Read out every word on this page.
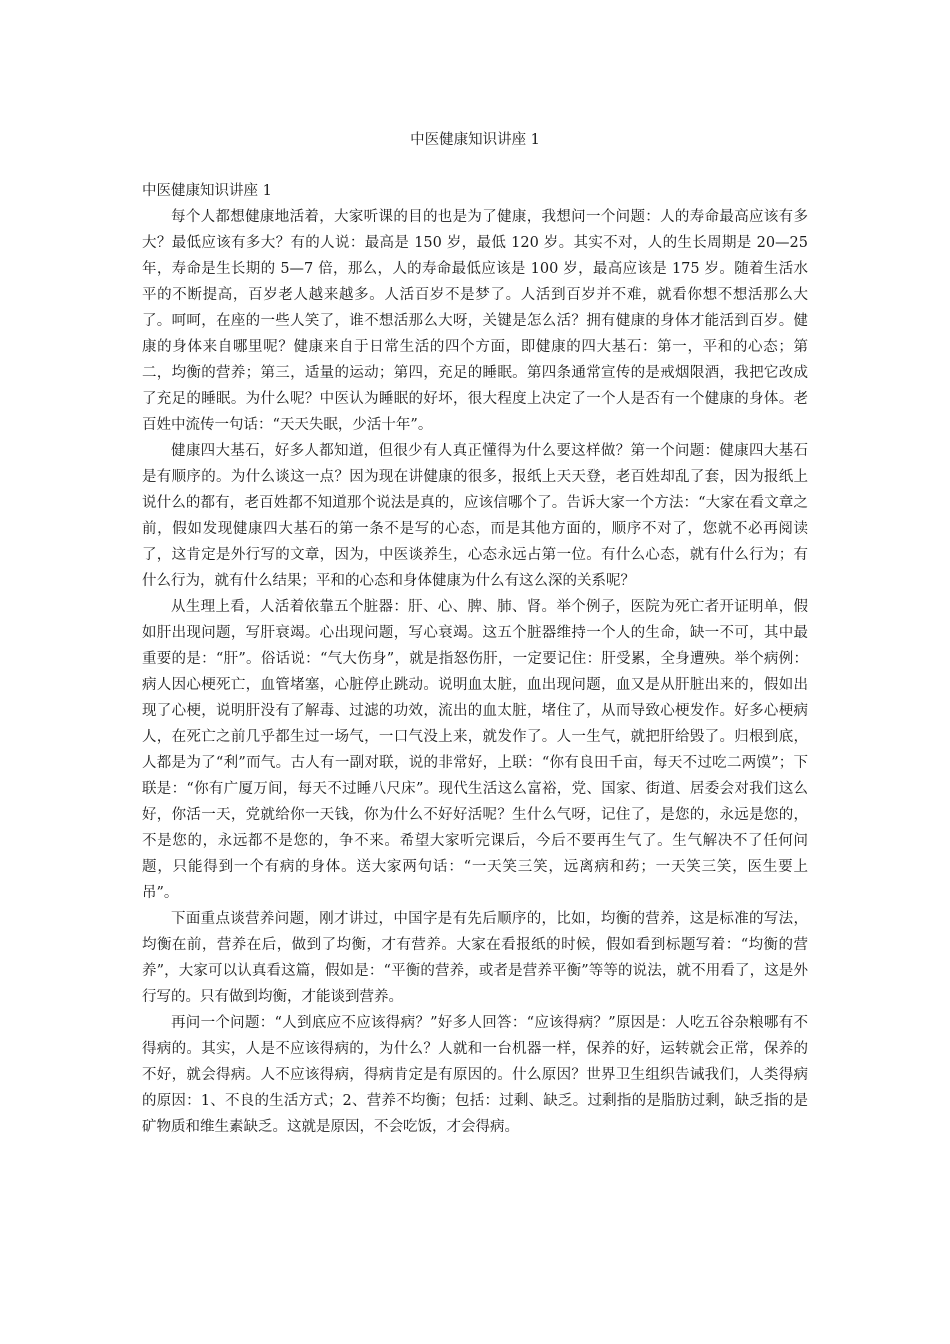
中医健康知识讲座 1
中医健康知识讲座 1

每个人都想健康地活着，大家听课的目的也是为了健康，我想问一个问题：人的寿命最高应该有多大？最低应该有多大？有的人说：最高是 150 岁，最低 120 岁。其实不对，人的生长周期是 20—25 年，寿命是生长期的 5—7 倍，那么，人的寿命最低应该是 100 岁，最高应该是 175 岁。随着生活水平的不断提高，百岁老人越来越多。人活百岁不是梦了。人活到百岁并不难，就看你想不想活那么大了。呵呵，在座的一些人笑了，谁不想活那么大呀，关键是怎么活？拥有健康的身体才能活到百岁。健康的身体来自哪里呢？健康来自于日常生活的四个方面，即健康的四大基石：第一，平和的心态；第二，均衡的营养；第三，适量的运动；第四，充足的睡眠。第四条通常宣传的是戒烟限酒，我把它改成了充足的睡眠。为什么呢？中医认为睡眠的好坏，很大程度上决定了一个人是否有一个健康的身体。老百姓中流传一句话：“天天失眠，少活十年”。

健康四大基石，好多人都知道，但很少有人真正懂得为什么要这样做？第一个问题：健康四大基石是有顺序的。为什么谈这一点？因为现在讲健康的很多，报纸上天天登，老百姓却乱了套，因为报纸上说什么的都有，老百姓都不知道那个说法是真的，应该信哪个了。告诉大家一个方法：“大家在看文章之前，假如发现健康四大基石的第一条不是写的心态，而是其他方面的，顺序不对了，您就不必再阅读了，这肯定是外行写的文章，因为，中医谈养生，心态永远占第一位。有什么心态，就有什么行为；有什么行为，就有什么结果；平和的心态和身体健康为什么有这么深的关系呢？

从生理上看，人活着依靠五个脏器：肝、心、脾、肺、肾。举个例子，医院为死亡者开证明单，假如肝出现问题，写肝衰竭。心出现问题，写心衰竭。这五个脏器维持一个人的生命，缺一不可，其中最重要的是：“肝”。俗话说：“气大伤身”，就是指怒伤肝，一定要记住：肝受累，全身遭殃。举个病例：病人因心梗死亡，血管堵塞，心脏停止跳动。说明血太脏，血出现问题，血又是从肝脏出来的，假如出现了心梗，说明肝没有了解毒、过滤的功效，流出的血太脏，堵住了，从而导致心梗发作。好多心梗病人，在死亡之前几乎都生过一场气，一口气没上来，就发作了。人一生气，就把肝给毁了。归根到底，人都是为了“利”而气。古人有一副对联，说的非常好，上联：“你有良田千亩，每天不过吃二两馍”；下联是：“你有广厦万间，每天不过睡八尺床”。现代生活这么富裕，党、国家、街道、居委会对我们这么好，你活一天，党就给你一天钱，你为什么不好好活呢？生什么气呀，记住了，是您的，永远是您的，不是您的，永远都不是您的，争不来。希望大家听完课后，今后不要再生气了。生气解决不了任何问题，只能得到一个有病的身体。送大家两句话：“一天笑三笑，远离病和药；一天笑三笑，医生要上吊”。

下面重点谈营养问题，刚才讲过，中国字是有先后顺序的，比如，均衡的营养，这是标准的写法，均衡在前，营养在后，做到了均衡，才有营养。大家在看报纸的时候，假如看到标题写着：“均衡的营养”，大家可以认真看这篇，假如是：“平衡的营养，或者是营养平衡”等等的说法，就不用看了，这是外行写的。只有做到均衡，才能谈到营养。

再问一个问题：“人到底应不应该得病？”好多人回答：“应该得病？”原因是：人吃五谷杂粮哪有不得病的。其实，人是不应该得病的，为什么？人就和一台机器一样，保养的好，运转就会正常，保养的不好，就会得病。人不应该得病，得病肯定是有原因的。什么原因？世界卫生组织告诫我们，人类得病的原因：1、不良的生活方式；2、营养不均衡；包括：过剩、缺乏。过剩指的是脂肪过剩，缺乏指的是矿物质和维生素缺乏。这就是原因，不会吃饭，才会得病。
